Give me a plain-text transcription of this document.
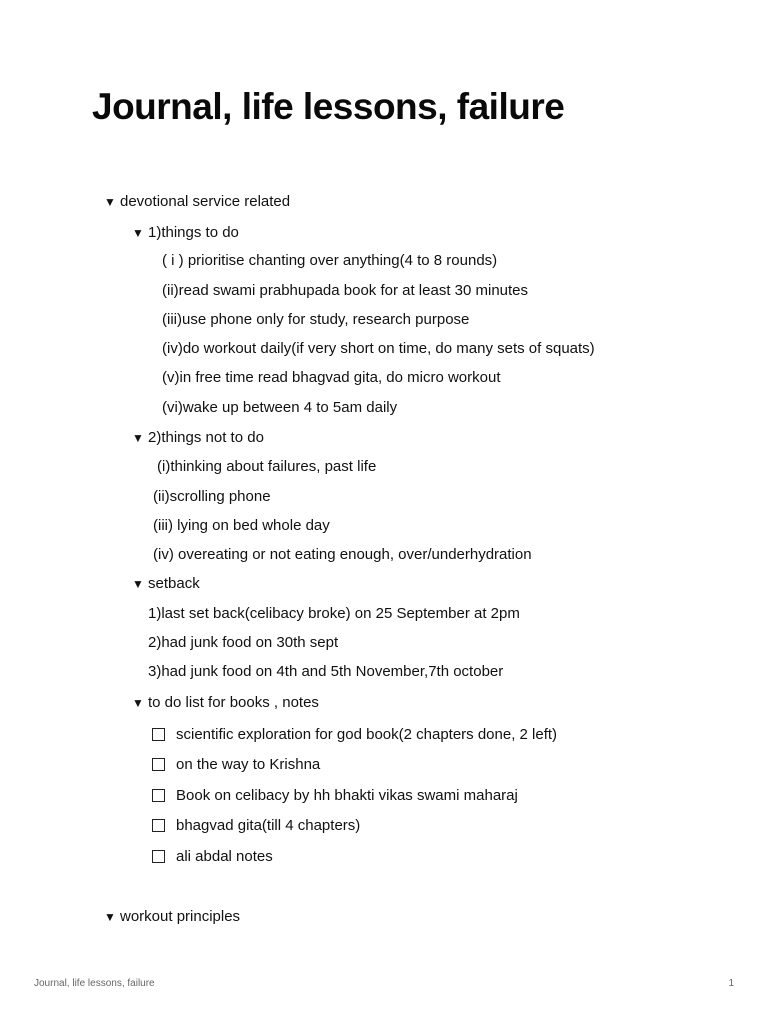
Journal, life lessons, failure
▼ devotional service related
▼ 1)things to do
( i ) prioritise chanting over anything(4 to 8 rounds)
(ii)read swami prabhupada book for at least 30 minutes
(iii)use phone only for study, research purpose
(iv)do workout daily(if very short on time, do many sets of squats)
(v)in free time read bhagvad gita, do micro workout
(vi)wake up between 4 to 5am daily
▼ 2)things not to do
(i)thinking about failures, past life
(ii)scrolling phone
(iii) lying on bed whole day
(iv) overeating or not eating enough, over/underhydration
▼ setback
1)last set back(celibacy broke) on 25 September at 2pm
2)had junk food on 30th sept
3)had junk food on 4th and 5th November,7th october
▼ to do list for books , notes
scientific exploration for god book(2 chapters done, 2 left)
on the way to Krishna
Book on celibacy by hh bhakti vikas swami maharaj
bhagvad gita(till 4 chapters)
ali abdal notes
▼ workout principles
Journal, life lessons, failure	1
